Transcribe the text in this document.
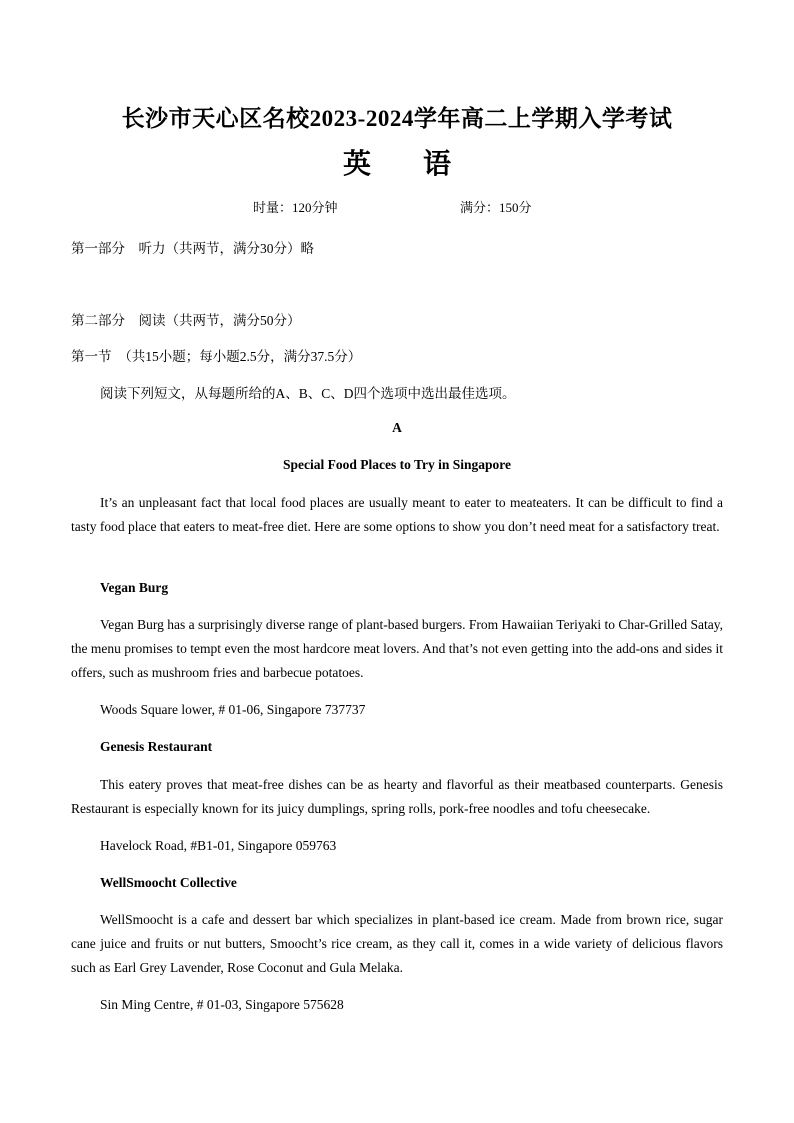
长沙市天心区名校2023-2024学年高二上学期入学考试
英 语
时量：120分钟	满分：150分
第一部分　听力（共两节，满分30分）略
第二部分　阅读（共两节，满分50分）
第一节　（共15小题；每小题2.5分，满分37.5分）
阅读下列短文，从每题所给的A、B、C、D四个选项中选出最佳选项。
A
Special Food Places to Try in Singapore
It’s an unpleasant fact that local food places are usually meant to eater to meateaters. It can be difficult to find a tasty food place that eaters to meat-free diet. Here are some options to show you don’t need meat for a satisfactory treat.
Vegan Burg
Vegan Burg has a surprisingly diverse range of plant-based burgers. From Hawaiian Teriyaki to Char-Grilled Satay, the menu promises to tempt even the most hardcore meat lovers. And that’s not even getting into the add-ons and sides it offers, such as mushroom fries and barbecue potatoes.
Woods Square lower, # 01-06, Singapore 737737
Genesis Restaurant
This eatery proves that meat-free dishes can be as hearty and flavorful as their meatbased counterparts. Genesis Restaurant is especially known for its juicy dumplings, spring rolls, pork-free noodles and tofu cheesecake.
Havelock Road, #B1-01, Singapore 059763
WellSmoocht Collective
WellSmoocht is a cafe and dessert bar which specializes in plant-based ice cream. Made from brown rice, sugar cane juice and fruits or nut butters, Smoocht’s rice cream, as they call it, comes in a wide variety of delicious flavors such as Earl Grey Lavender, Rose Coconut and Gula Melaka.
Sin Ming Centre, # 01-03, Singapore 575628
